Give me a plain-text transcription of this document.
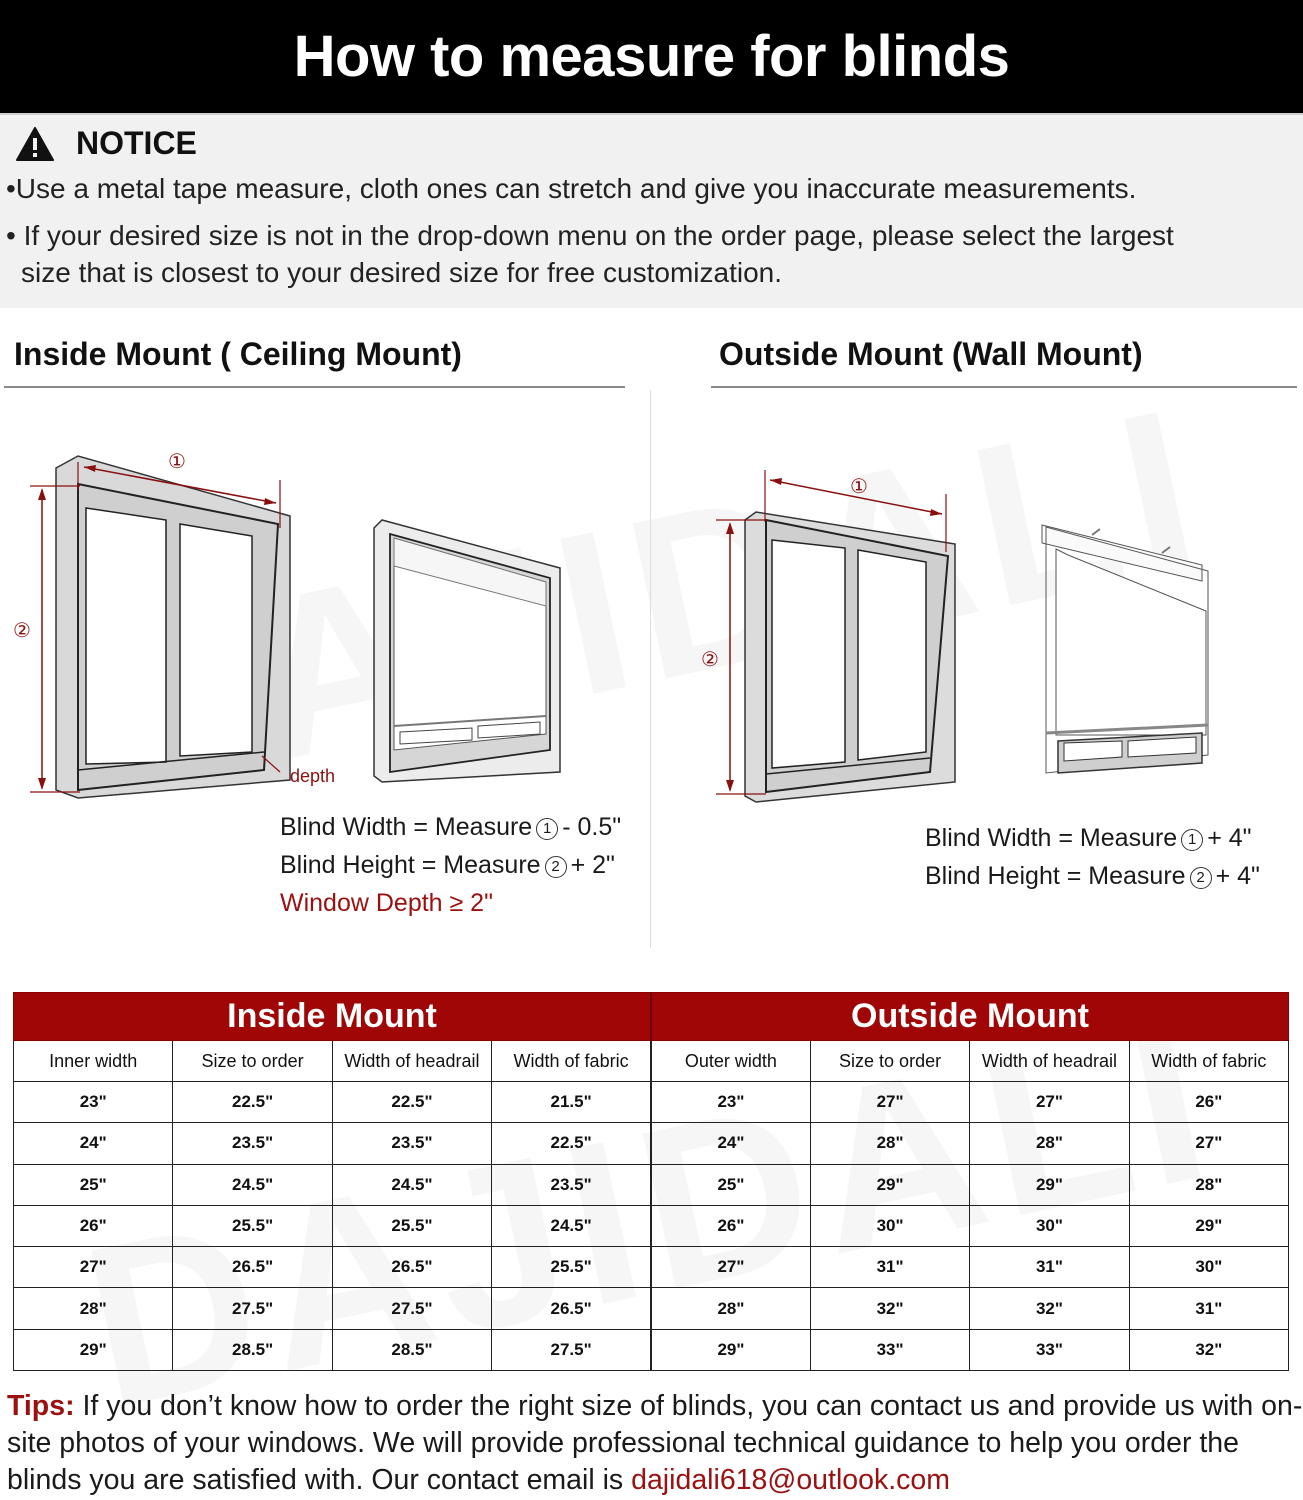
How to measure for blinds
NOTICE
•Use a metal tape measure, cloth ones can stretch and give you inaccurate measurements.
• If your desired size is not in the drop-down menu on the order page, please select the largest
size that is closest to your desired size for free customization.
Inside Mount ( Ceiling Mount)	Outside Mount (Wall Mount)
①
②
depth
①
②
Blind Width = Measure 1 - 0.5"
Blind Height = Measure 2 + 2"
Window Depth ≥ 2"
Blind Width = Measure 1 + 4"
Blind Height = Measure 2 + 4"
Inside Mount				Outside Mount			
Inner width	Size to order	Width of headrail	Width of fabric	Outer width	Size to order	Width of headrail	Width of fabric
23"	22.5"	22.5"	21.5"	23"	27"	27"	26"
24"	23.5"	23.5"	22.5"	24"	28"	28"	27"
25"	24.5"	24.5"	23.5"	25"	29"	29"	28"
26"	25.5"	25.5"	24.5"	26"	30"	30"	29"
27"	26.5"	26.5"	25.5"	27"	31"	31"	30"
28"	27.5"	27.5"	26.5"	28"	32"	32"	31"
29"	28.5"	28.5"	27.5"	29"	33"	33"	32"
Tips: If you don’t know how to order the right size of blinds, you can contact us and provide us with on-site photos of your windows. We will provide professional technical guidance to help you order the blinds you are satisfied with. Our contact email is dajidali618@outlook.com
